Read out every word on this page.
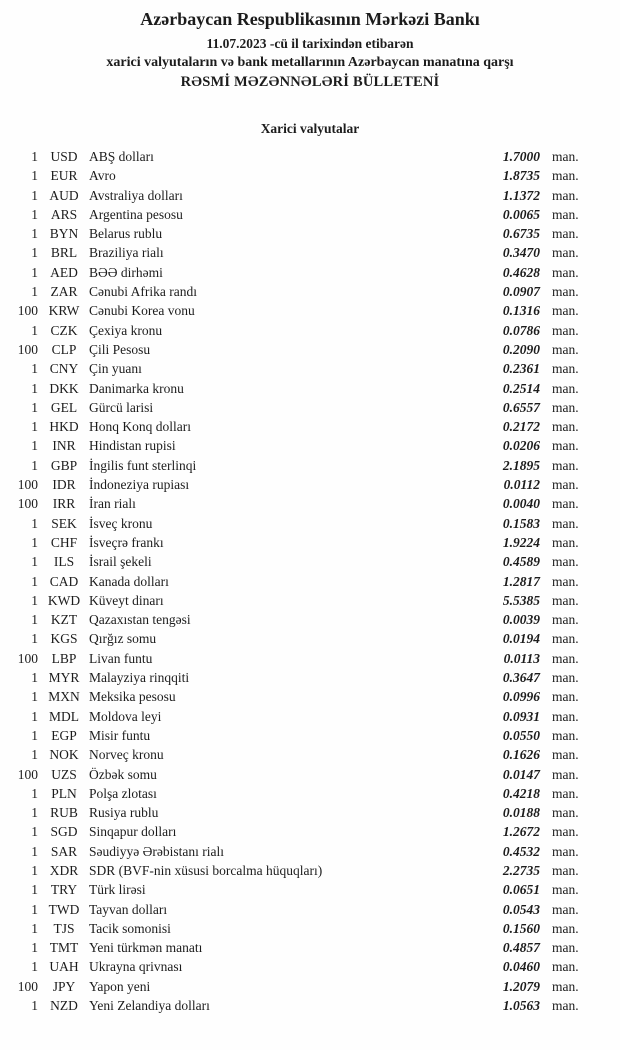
Azərbaycan Respublikasının Mərkəzi Bankı
11.07.2023 -cü il tarixindən etibarən
xarici valyutaların və bank metallarının Azərbaycan manatına qarşı
RƏSMİ MƏZƏNNƏLƏRİ BÜLLETENİ
Xarici valyutalar
1 USD ABŞ dolları	1.7000 man.
1 EUR Avro	1.8735 man.
1 AUD Avstraliya dolları	1.1372 man.
1 ARS Argentina pesosu	0.0065 man.
1 BYN Belarus rublu	0.6735 man.
1 BRL Braziliya rialı	0.3470 man.
1 AED BƏƏ dirhəmi	0.4628 man.
1 ZAR Cənubi Afrika randı	0.0907 man.
100 KRW Cənubi Korea vonu	0.1316 man.
1 CZK Çexiya kronu	0.0786 man.
100	CLP Çili Pesosu	0.2090 man.
1 CNY Çin yuanı	0.2361 man.
1 DKK Danimarka kronu	0.2514 man.
1 GEL Gürcü larisi	0.6557 man.
1 HKD Honq Konq dolları	0.2172 man.
1	INR Hindistan rupisi	0.0206 man.
1 GBP İngilis funt sterlinqi	2.1895 man.
100	IDR İndoneziya rupiası	0.0112 man.
100	IRR	İran rialı	0.0040 man.
1 SEK İsveç kronu	0.1583 man.
1 CHF İsveçrə frankı	1.9224 man.
1	ILS	İsrail şekeli	0.4589 man.
1 CAD Kanada dolları	1.2817 man.
1 KWD Küveyt dinarı	5.5385 man.
1 KZT Qazaxıstan tengəsi	0.0039 man.
1 KGS Qırğız somu	0.0194 man.
100	LBP Livan funtu	0.0113 man.
1 MYR Malayziya rinqqiti	0.3647 man.
1 MXN Meksika pesosu	0.0996 man.
1 MDL Moldova leyi	0.0931 man.
1 EGP Misir funtu	0.0550 man.
1 NOK Norveç kronu	0.1626 man.
100 UZS Özbək somu	0.0147 man.
1 PLN Polşa zlotası	0.4218 man.
1 RUB Rusiya rublu	0.0188 man.
1 SGD Sinqapur dolları	1.2672 man.
1 SAR Səudiyyə Ərəbistanı rialı	0.4532 man.
1 XDR SDR (BVF-nin xüsusi borcalma hüquqları)	2.2735 man.
1 TRY Türk lirəsi	0.0651 man.
1 TWD Tayvan dolları	0.0543 man.
1	TJS	Tacik somonisi	0.1560 man.
1 TMT Yeni türkmən manatı	0.4857 man.
1 UAH Ukrayna qrivnası	0.0460 man.
100	JPY	Yapon yeni	1.2079 man.
1 NZD Yeni Zelandiya dolları	1.0563 man.
